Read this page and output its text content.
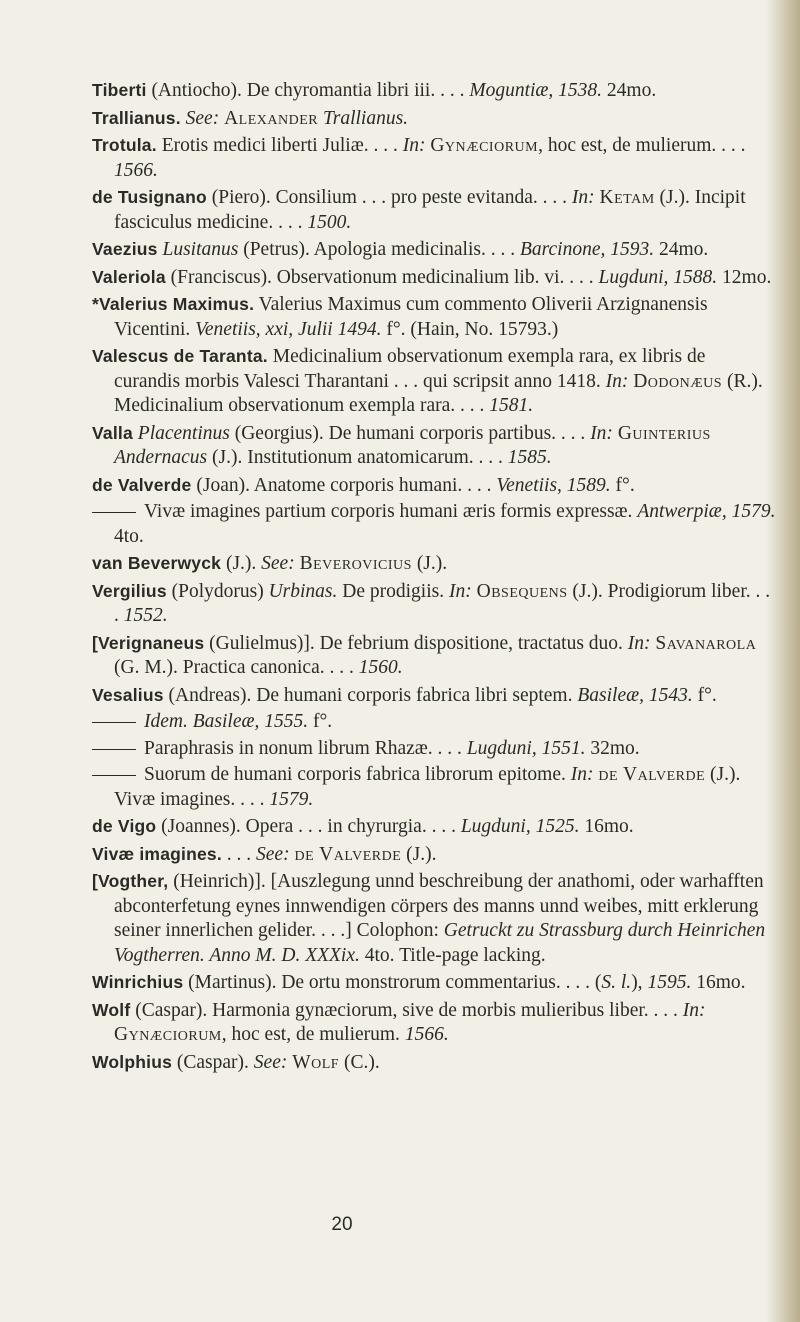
Tiberti (Antiocho). De chyromantia libri iii. . . . Moguntiæ, 1538. 24mo.

Trallianus. See: Alexander Trallianus.

Trotula. Erotis medici liberti Juliæ. . . . In: Gynæciorum, hoc est, de mulierum. . . . 1566.

de Tusignano (Piero). Consilium . . . pro peste evitanda. . . . In: Ketam (J.). Incipit fasciculus medicine. . . . 1500.

Vaezius Lusitanus (Petrus). Apologia medicinalis. . . . Barcinone, 1593. 24mo.

Valeriola (Franciscus). Observationum medicinalium lib. vi. . . . Lugduni, 1588. 12mo.

*Valerius Maximus. Valerius Maximus cum commento Oliverii Arzignanensis Vicentini. Venetiis, xxi, Julii 1494. f°. (Hain, No. 15793.)

Valescus de Taranta. Medicinalium observationum exempla rara, ex libris de curandis morbis Valesci Tharantani . . . qui scripsit anno 1418. In: Dodonæus (R.). Medicinalium observationum exempla rara. . . . 1581.

Valla Placentinus (Georgius). De humani corporis partibus. . . . In: Guinterius Andernacus (J.). Institutionum anatomicarum. . . . 1585.

de Valverde (Joan). Anatome corporis humani. . . . Venetiis, 1589. f°.

Vivæ imagines partium corporis humani æris formis expressæ. Antwerpiæ, 1579. 4to.

van Beverwyck (J.). See: Beverovicius (J.).

Vergilius (Polydorus) Urbinas. De prodigiis. In: Obsequens (J.). Prodigiorum liber. . . . 1552.

[Verignaneus (Gulielmus)]. De febrium dispositione, tractatus duo. In: Savanarola (G. M.). Practica canonica. . . . 1560.

Vesalius (Andreas). De humani corporis fabrica libri septem. Basileæ, 1543. f°.

Idem. Basileæ, 1555. f°.

Paraphrasis in nonum librum Rhazæ. . . . Lugduni, 1551. 32mo.

Suorum de humani corporis fabrica librorum epitome. In: de Valverde (J.). Vivæ imagines. . . . 1579.

de Vigo (Joannes). Opera . . . in chyrurgia. . . . Lugduni, 1525. 16mo.

Vivæ imagines. . . . See: de Valverde (J.).

[Vogther, (Heinrich)]. [Auszlegung unnd beschreibung der anathomi, oder warhafften abconterfetung eynes innwendigen cörpers des manns unnd weibes, mitt erklerung seiner innerlichen gelider. . . .] Colophon: Getruckt zu Strassburg durch Heinrichen Vogtherren. Anno M. D. XXXix. 4to. Title-page lacking.

Winrichius (Martinus). De ortu monstrorum commentarius. . . . (S. l.), 1595. 16mo.

Wolf (Caspar). Harmonia gynæciorum, sive de morbis mulieribus liber. . . . In: Gynæciorum, hoc est, de mulierum. 1566.

Wolphius (Caspar). See: Wolf (C.).

20
